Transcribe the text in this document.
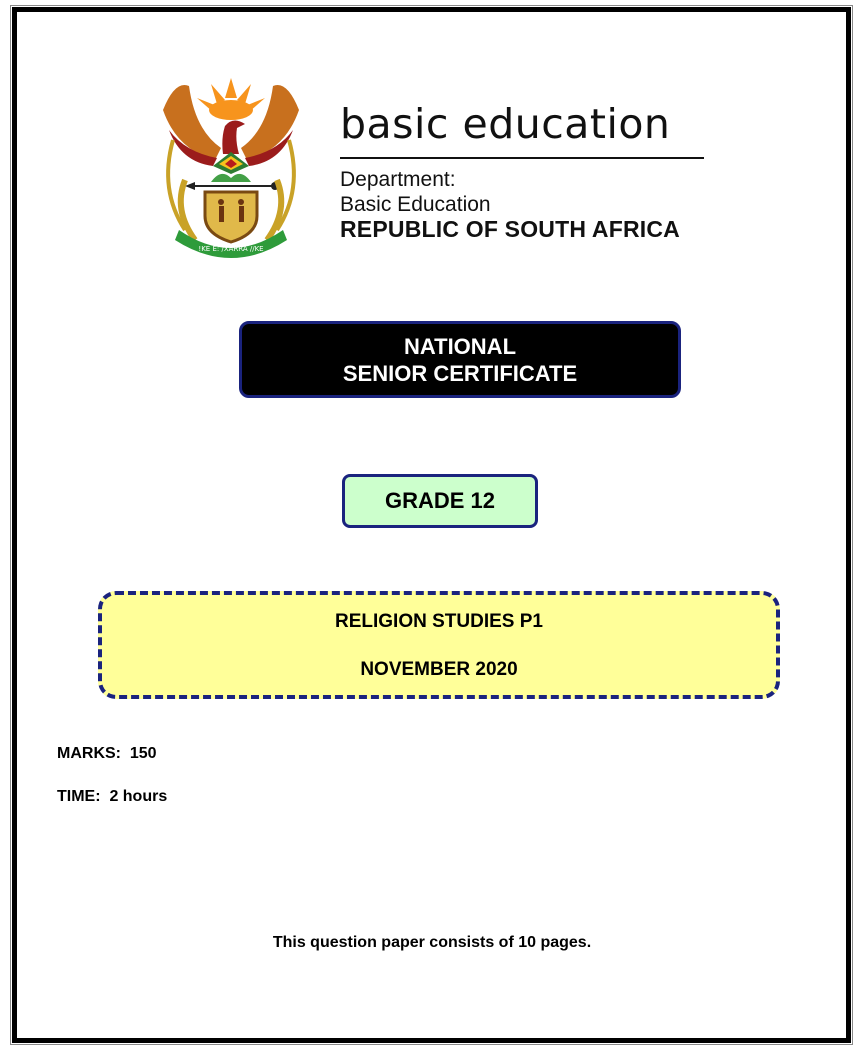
!KE E: /XARRA //KE
basic education
Department:
Basic Education
REPUBLIC OF SOUTH AFRICA
NATIONAL
SENIOR CERTIFICATE
GRADE 12
RELIGION STUDIES P1
NOVEMBER 2020
MARKS:  150
TIME:  2 hours
This question paper consists of 10 pages.
